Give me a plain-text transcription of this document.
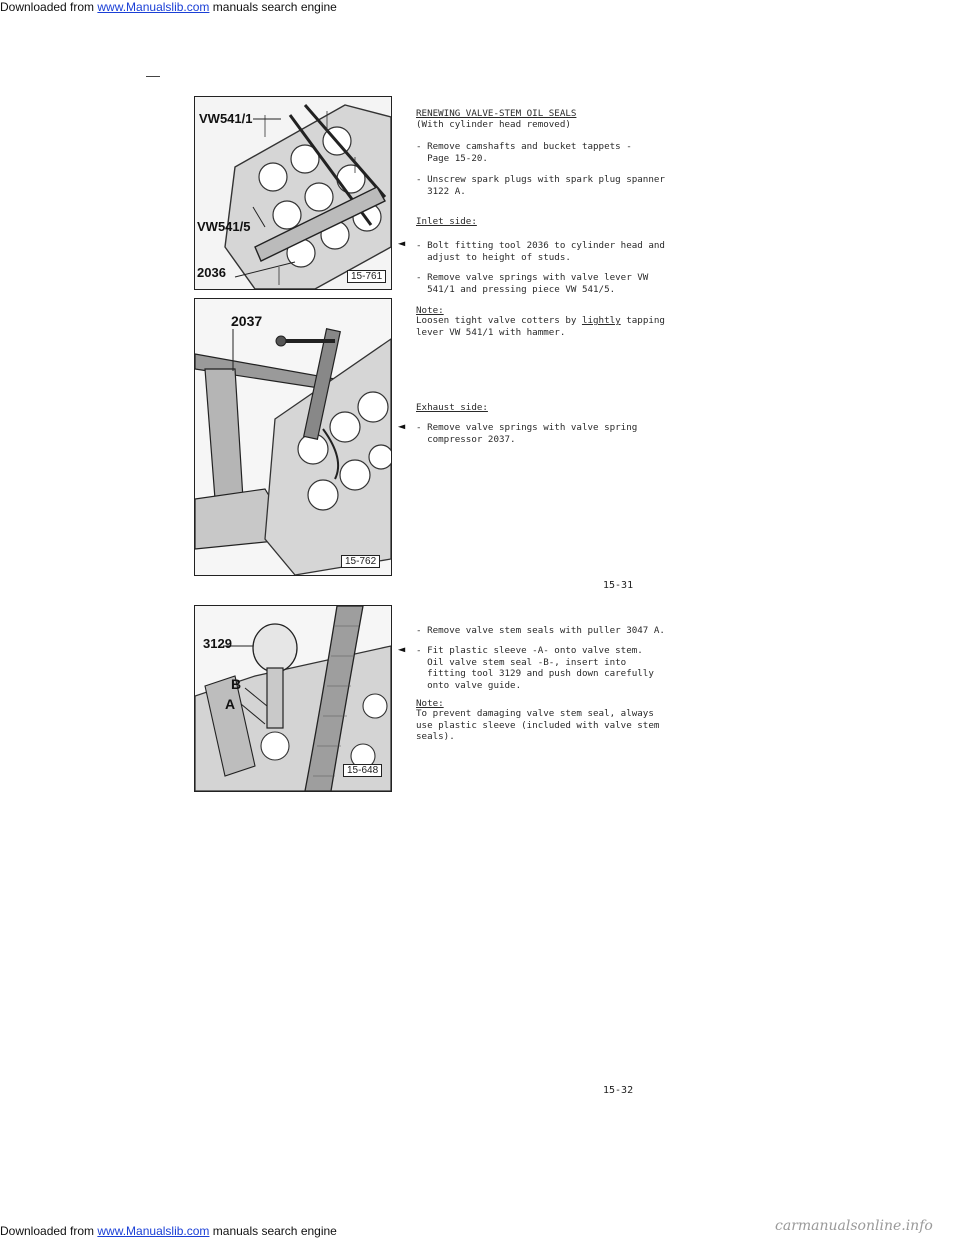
Downloaded from www.Manualslib.com manuals search engine
VW541/1
VW541/5
2036	15-761
2037
15-762
3129
B
A
15-648
RENEWING VALVE-STEM OIL SEALS
(With cylinder head removed)
- Remove camshafts and bucket tappets -
Page 15-20.
- Unscrew spark plugs with spark plug spanner
3122 A.
Inlet side:
◄ - Bolt fitting tool 2036 to cylinder head and
adjust to height of studs.
- Remove valve springs with valve lever VW
541/1 and pressing piece VW 541/5.
Note:
Loosen tight valve cotters by lightly tapping
lever VW 541/1 with hammer.
Exhaust side:
◄ - Remove valve springs with valve spring
compressor 2037.
15-31
- Remove valve stem seals with puller 3047 A.
◄ - Fit plastic sleeve -A- onto valve stem.
Oil valve stem seal -B-, insert into
fitting tool 3129 and push down carefully
onto valve guide.
Note:
To prevent damaging valve stem seal, always
use plastic sleeve (included with valve stem
seals).
15-32
Downloaded from www.Manualslib.com manuals search engine	carmanualsonline.info
